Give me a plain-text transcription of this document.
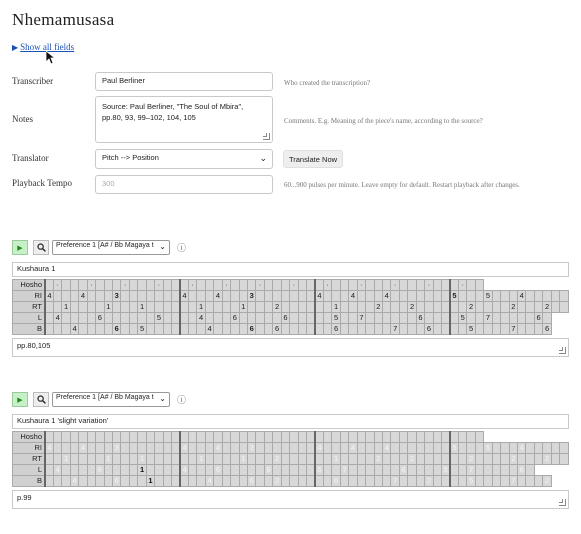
Nhemamusasa
▶ Show all fields
Transcriber	Paul Berliner	Who created the transcription?
Notes
Source: Paul Berliner, "The Soul of Mbira", pp.80, 93, 99–102, 104, 105	Comments. E.g. Meaning of the piece's name, according to the source?
Translator	Pitch --> Position	⌄	Translate Now
Playback Tempo	300	60...900 pulses per minute. Leave empty for default. Restart playback after changes.
▶	Preference 1 [A# / Bb Magaya t ⌄ ⓘ
Kushaura 1
Hosho		·				·				·				·				·				·				·				·				·				·				·				·				·												
RI	4				4				3								4				4				3								4				4				4								5				5				4					
RT			1					1				1							1					1				2							1					2				2							2					2				2		
L		4					6							5					4				6						6						5			7							6					5			7						6			
B				4					6			5								4					6			6							6							7				6					5					7				6		
pp.80,105
▶	Preference 1 [A# / Bb Magaya t ⌄ ⓘ
Kushaura 1 'slight variation'
Hosho		·				·				·				·				·				·				·				·				·				·				·				·				·												
RI	4				4				3								4				4				3								4				4				4								5				5				4					
RT			1					1				1							1					1				2							1					2				2							2					2				2		
L		4					6					1					4				6						6						5			7							6					5			7						6					
B				4					6				1							4					6			2							6							7				2					5					7				2		
p.99
